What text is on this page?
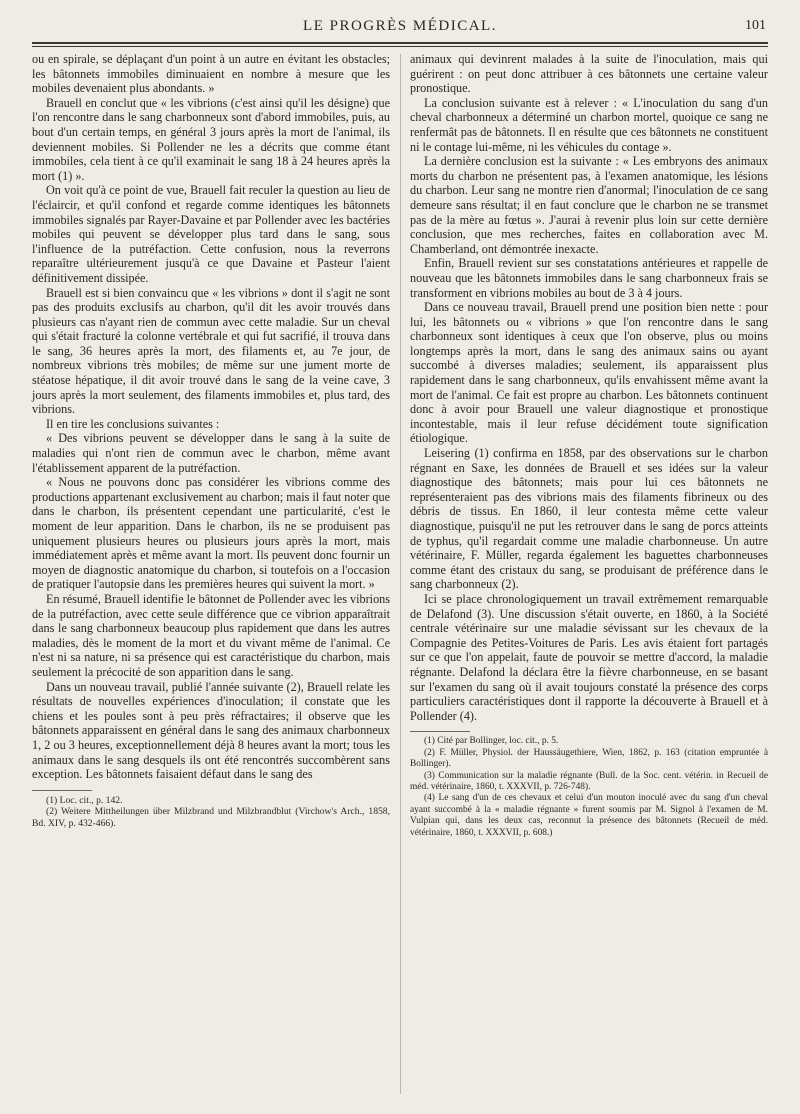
LE PROGRÈS MÉDICAL.	101

ou en spirale, se déplaçant d'un point à un autre en évitant les obstacles; les bâtonnets immobiles diminuaient en nombre à mesure que les mobiles devenaient plus abondants. »

Brauell en conclut que « les vibrions (c'est ainsi qu'il les désigne) que l'on rencontre dans le sang charbonneux sont d'abord immobiles, puis, au bout d'un certain temps, en général 3 jours après la mort de l'animal, ils deviennent mobiles. Si Pollender ne les a décrits que comme étant immobiles, cela tient à ce qu'il examinait le sang 18 à 24 heures après la mort (1) ».

On voit qu'à ce point de vue, Brauell fait reculer la question au lieu de l'éclaircir, et qu'il confond et regarde comme identiques les bâtonnets immobiles signalés par Rayer-Davaine et par Pollender avec les bactéries mobiles qui peuvent se développer plus tard dans le sang, sous l'influence de la putréfaction. Cette confusion, nous la reverrons reparaître ultérieurement jusqu'à ce que Davaine et Pasteur l'aient définitivement dissipée.

Brauell est si bien convaincu que « les vibrions » dont il s'agit ne sont pas des produits exclusifs au charbon, qu'il dit les avoir trouvés dans plusieurs cas n'ayant rien de commun avec cette maladie. Sur un cheval qui s'était fracturé la colonne vertébrale et qui fut sacrifié, il trouva dans le sang, 36 heures après la mort, des filaments et, au 7e jour, de nombreux vibrions très mobiles; de même sur une jument morte de stéatose hépatique, il dit avoir trouvé dans le sang de la veine cave, 3 jours après la mort seulement, des filaments immobiles et, plus tard, des vibrions.

Il en tire les conclusions suivantes :

« Des vibrions peuvent se développer dans le sang à la suite de maladies qui n'ont rien de commun avec le charbon, même avant l'établissement apparent de la putréfaction.

« Nous ne pouvons donc pas considérer les vibrions comme des productions appartenant exclusivement au charbon; mais il faut noter que dans le charbon, ils présentent cependant une particularité, c'est le moment de leur apparition. Dans le charbon, ils ne se produisent pas uniquement plusieurs heures ou plusieurs jours après la mort, mais immédiatement après et même avant la mort. Ils peuvent donc fournir un moyen de diagnostic anatomique du charbon, si toutefois on a l'occasion de pratiquer l'autopsie dans les premières heures qui suivent la mort. »

En résumé, Brauell identifie le bâtonnet de Pollender avec les vibrions de la putréfaction, avec cette seule différence que ce vibrion apparaîtrait dans le sang charbonneux beaucoup plus rapidement que dans les autres maladies, dès le moment de la mort et du vivant même de l'animal. Ce n'est ni sa nature, ni sa présence qui est caractéristique du charbon, mais seulement la précocité de son apparition dans le sang.

Dans un nouveau travail, publié l'année suivante (2), Brauell relate les résultats de nouvelles expériences d'inoculation; il constate que les chiens et les poules sont à peu près réfractaires; il observe que les bâtonnets apparaissent en général dans le sang des animaux charbonneux 1, 2 ou 3 heures, exceptionnellement déjà 8 heures avant la mort; tous les animaux dans le sang desquels ils ont été rencontrés succombèrent sans exception. Les bâtonnets faisaient défaut dans le sang des

(1) Loc. cit., p. 142.

(2) Weitere Mittheilungen über Milzbrand und Milzbrandblut (Virchow's Arch., 1858, Bd. XIV, p. 432-466).

animaux qui devinrent malades à la suite de l'inoculation, mais qui guérirent : on peut donc attribuer à ces bâtonnets une certaine valeur pronostique.

La conclusion suivante est à relever : « L'inoculation du sang d'un cheval charbonneux a déterminé un charbon mortel, quoique ce sang ne renfermât pas de bâtonnets. Il en résulte que ces bâtonnets ne constituent ni le contage lui-même, ni les véhicules du contage ».

La dernière conclusion est la suivante : « Les embryons des animaux morts du charbon ne présentent pas, à l'examen anatomique, les lésions du charbon. Leur sang ne montre rien d'anormal; l'inoculation de ce sang demeure sans résultat; il en faut conclure que le charbon ne se transmet pas de la mère au fœtus ». J'aurai à revenir plus loin sur cette dernière conclusion, que mes recherches, faites en collaboration avec M. Chamberland, ont démontrée inexacte.

Enfin, Brauell revient sur ses constatations antérieures et rappelle de nouveau que les bâtonnets immobiles dans le sang charbonneux frais se transforment en vibrions mobiles au bout de 3 à 4 jours.

Dans ce nouveau travail, Brauell prend une position bien nette : pour lui, les bâtonnets ou « vibrions » que l'on rencontre dans le sang charbonneux sont identiques à ceux que l'on observe, plus ou moins longtemps après la mort, dans le sang des animaux sains ou ayant succombé à diverses maladies; seulement, ils apparaissent plus rapidement dans le sang charbonneux, qu'ils envahissent même avant la mort de l'animal. Ce fait est propre au charbon. Les bâtonnets continuent donc à avoir pour Brauell une valeur diagnostique et pronostique incontestable, mais il leur refuse décidément toute signification étiologique.

Leisering (1) confirma en 1858, par des observations sur le charbon régnant en Saxe, les données de Brauell et ses idées sur la valeur diagnostique des bâtonnets; mais pour lui ces bâtonnets ne représenteraient pas des vibrions mais des filaments fibrineux ou des débris de tissus. En 1860, il leur contesta même cette valeur diagnostique, puisqu'il ne put les retrouver dans le sang de porcs atteints de typhus, qu'il regardait comme une maladie charbonneuse. Un autre vétérinaire, F. Müller, regarda également les baguettes charbonneuses comme étant des cristaux du sang, se produisant de préférence dans le sang charbonneux (2).

Ici se place chronologiquement un travail extrêmement remarquable de Delafond (3). Une discussion s'était ouverte, en 1860, à la Société centrale vétérinaire sur une maladie sévissant sur les chevaux de la Compagnie des Petites-Voitures de Paris. Les avis étaient fort partagés sur ce que l'on appelait, faute de pouvoir se mettre d'accord, la maladie régnante. Delafond la déclara être la fièvre charbonneuse, en se basant sur l'examen du sang où il avait toujours constaté la présence des corps particuliers caractéristiques dont il rapporte la découverte à Brauell et à Pollender (4).

(1) Cité par Bollinger, loc. cit., p. 5.

(2) F. Müller, Physiol. der Haussäugethiere, Wien, 1862, p. 163 (citation empruntée à Bollinger).

(3) Communication sur la maladie régnante (Bull. de la Soc. cent. vétérin. in Recueil de méd. vétérinaire, 1860, t. XXXVII, p. 726-748).

(4) Le sang d'un de ces chevaux et celui d'un mouton inoculé avec du sang d'un cheval ayant succombé à la « maladie régnante » furent soumis par M. Signol à l'examen de M. Vulpian qui, dans les deux cas, reconnut la présence des bâtonnets (Recueil de méd. vétérinaire, 1860, t. XXXVII, p. 608.)
